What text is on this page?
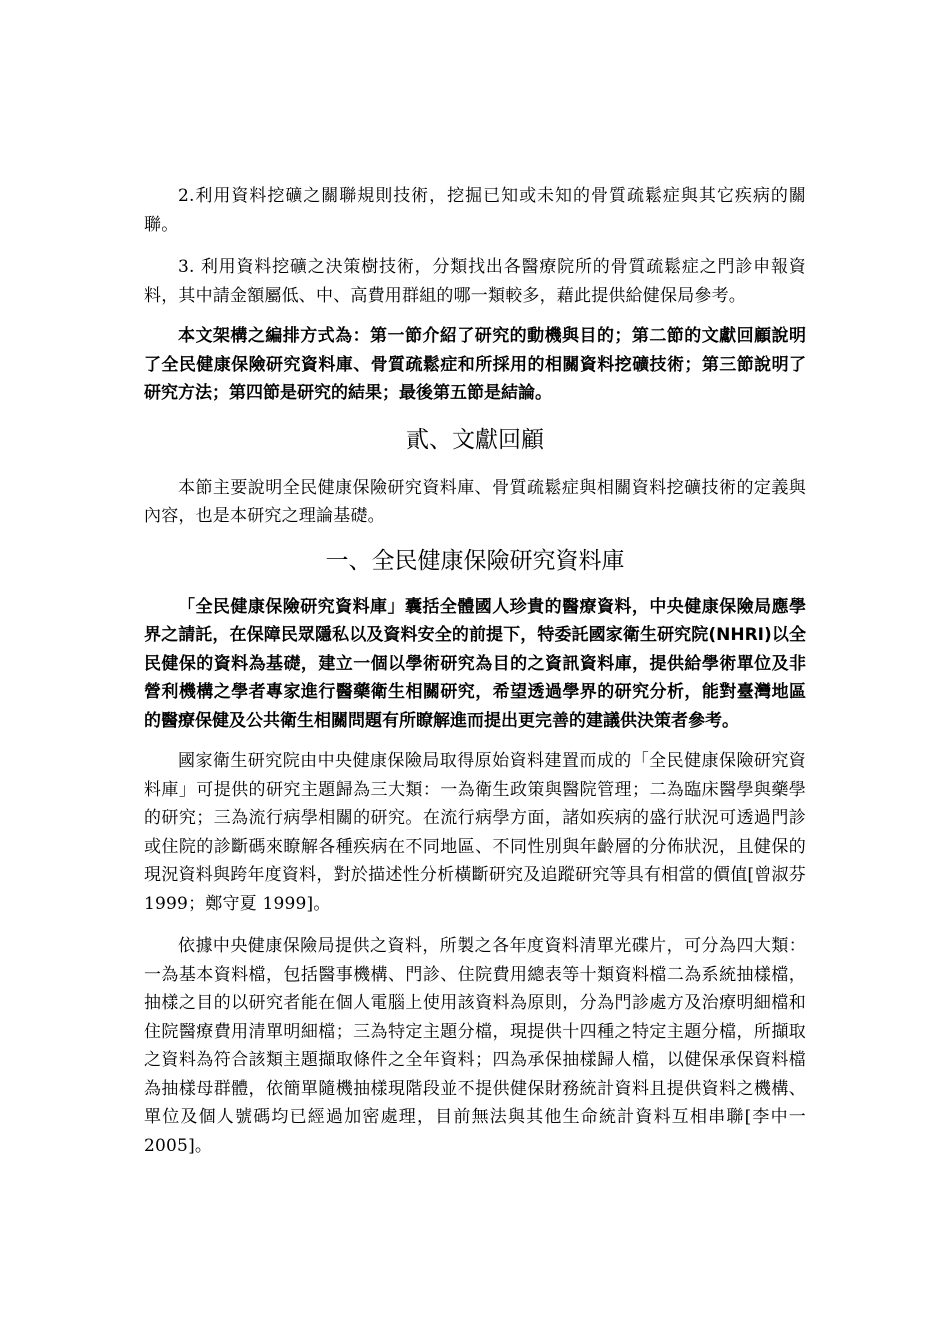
2.利用資料挖礦之關聯規則技術，挖掘已知或未知的骨質疏鬆症與其它疾病的關聯。

3. 利用資料挖礦之決策樹技術，分類找出各醫療院所的骨質疏鬆症之門診申報資料，其中請金額屬低、中、高費用群組的哪一類較多，藉此提供給健保局參考。

本文架構之編排方式為：第一節介紹了研究的動機與目的；第二節的文獻回顧說明了全民健康保險研究資料庫、骨質疏鬆症和所採用的相關資料挖礦技術；第三節說明了研究方法；第四節是研究的結果；最後第五節是結論。

貳、文獻回顧

本節主要說明全民健康保險研究資料庫、骨質疏鬆症與相關資料挖礦技術的定義與內容，也是本研究之理論基礎。

一、全民健康保險研究資料庫

「全民健康保險研究資料庫」囊括全體國人珍貴的醫療資料，中央健康保險局應學界之請託，在保障民眾隱私以及資料安全的前提下，特委託國家衛生研究院(NHRI)以全民健保的資料為基礎，建立一個以學術研究為目的之資訊資料庫，提供給學術單位及非營利機構之學者專家進行醫藥衛生相關研究，希望透過學界的研究分析，能對臺灣地區的醫療保健及公共衛生相關問題有所瞭解進而提出更完善的建議供決策者參考。

國家衛生研究院由中央健康保險局取得原始資料建置而成的「全民健康保險研究資料庫」可提供的研究主題歸為三大類：一為衛生政策與醫院管理；二為臨床醫學與藥學的研究；三為流行病學相關的研究。在流行病學方面，諸如疾病的盛行狀況可透過門診或住院的診斷碼來瞭解各種疾病在不同地區、不同性別與年齡層的分佈狀況，且健保的現況資料與跨年度資料，對於描述性分析橫斷研究及追蹤研究等具有相當的價值[曾淑芬 1999；鄭守夏 1999]。

依據中央健康保險局提供之資料，所製之各年度資料清單光碟片，可分為四大類：一為基本資料檔，包括醫事機構、門診、住院費用總表等十類資料檔二為系統抽樣檔，抽樣之目的以研究者能在個人電腦上使用該資料為原則，分為門診處方及治療明細檔和住院醫療費用清單明細檔；三為特定主題分檔，現提供十四種之特定主題分檔，所擷取之資料為符合該類主題擷取條件之全年資料；四為承保抽樣歸人檔，以健保承保資料檔為抽樣母群體，依簡單隨機抽樣現階段並不提供健保財務統計資料且提供資料之機構、單位及個人號碼均已經過加密處理，目前無法與其他生命統計資料互相串聯[李中一 2005]。
